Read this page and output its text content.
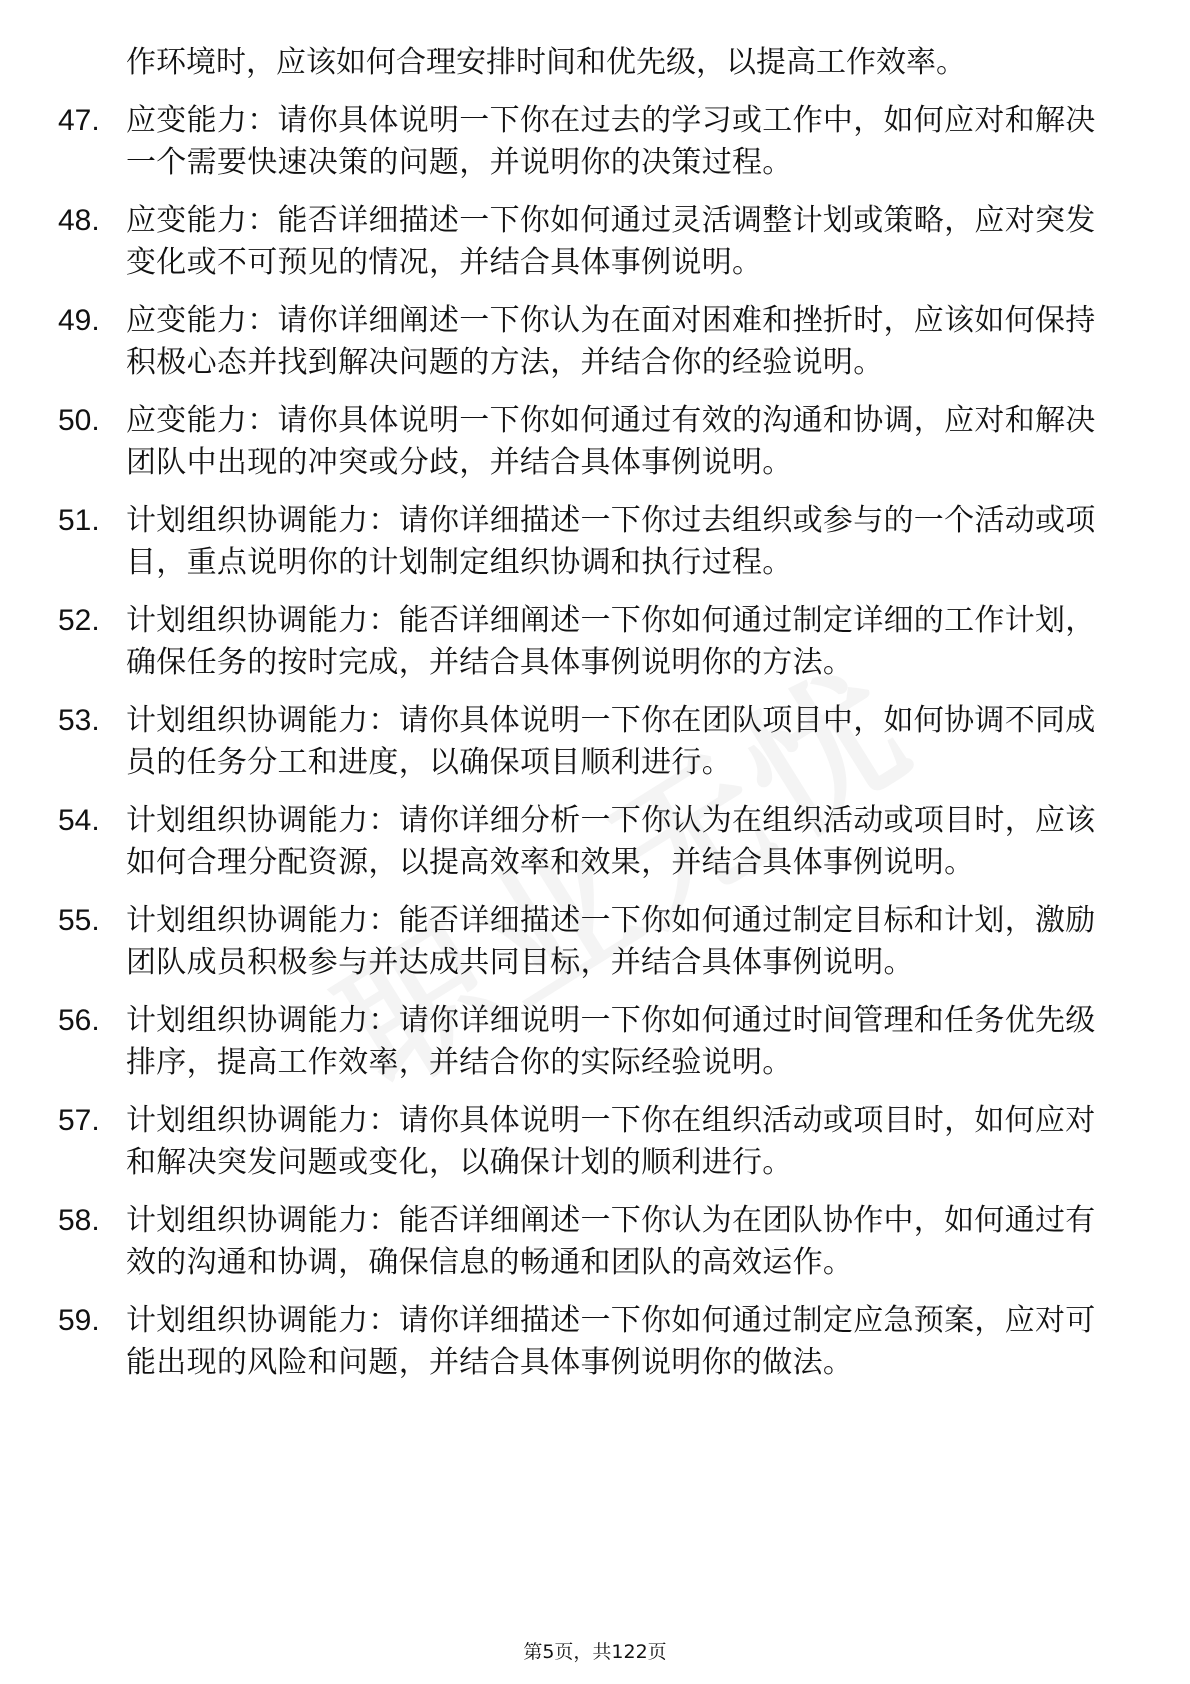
作环境时，应该如何合理安排时间和优先级，以提高工作效率。
47. 应变能力：请你具体说明一下你在过去的学习或工作中，如何应对和解决一个需要快速决策的问题，并说明你的决策过程。
48. 应变能力：能否详细描述一下你如何通过灵活调整计划或策略，应对突发变化或不可预见的情况，并结合具体事例说明。
49. 应变能力：请你详细阐述一下你认为在面对困难和挫折时，应该如何保持积极心态并找到解决问题的方法，并结合你的经验说明。
50. 应变能力：请你具体说明一下你如何通过有效的沟通和协调，应对和解决团队中出现的冲突或分歧，并结合具体事例说明。
51. 计划组织协调能力：请你详细描述一下你过去组织或参与的一个活动或项目，重点说明你的计划制定组织协调和执行过程。
52. 计划组织协调能力：能否详细阐述一下你如何通过制定详细的工作计划，确保任务的按时完成，并结合具体事例说明你的方法。
53. 计划组织协调能力：请你具体说明一下你在团队项目中，如何协调不同成员的任务分工和进度，以确保项目顺利进行。
54. 计划组织协调能力：请你详细分析一下你认为在组织活动或项目时，应该如何合理分配资源，以提高效率和效果，并结合具体事例说明。
55. 计划组织协调能力：能否详细描述一下你如何通过制定目标和计划，激励团队成员积极参与并达成共同目标，并结合具体事例说明。
56. 计划组织协调能力：请你详细说明一下你如何通过时间管理和任务优先级排序，提高工作效率，并结合你的实际经验说明。
57. 计划组织协调能力：请你具体说明一下你在组织活动或项目时，如何应对和解决突发问题或变化，以确保计划的顺利进行。
58. 计划组织协调能力：能否详细阐述一下你认为在团队协作中，如何通过有效的沟通和协调，确保信息的畅通和团队的高效运作。
59. 计划组织协调能力：请你详细描述一下你如何通过制定应急预案，应对可能出现的风险和问题，并结合具体事例说明你的做法。
第5页，共122页
